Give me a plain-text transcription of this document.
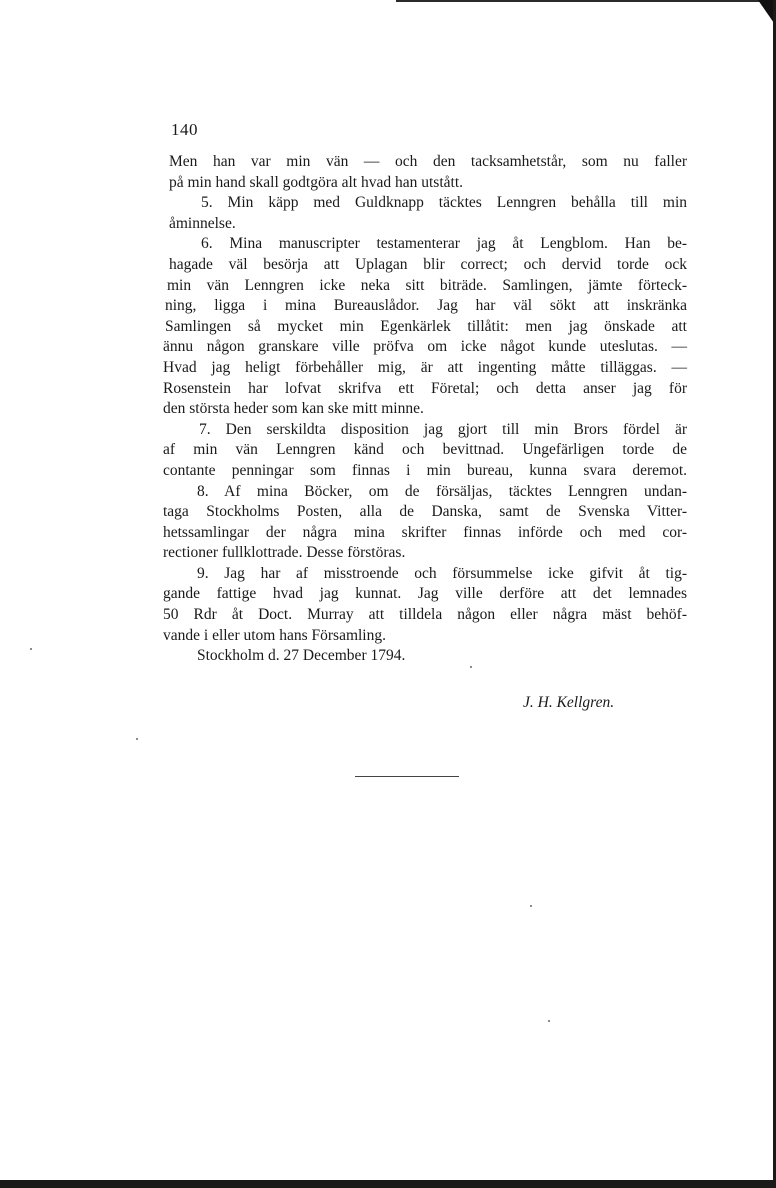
140
Men han var min vän — och den tacksamhetstår, som nu faller
på min hand skall godtgöra alt hvad han utstått.
5. Min käpp med Guldknapp täcktes Lenngren behålla till min
åminnelse.
6. Mina manuscripter testamenterar jag åt Lengblom. Han be-
hagade väl besörja att Uplagan blir correct; och dervid torde ock
min vän Lenngren icke neka sitt biträde. Samlingen, jämte förteck-
ning, ligga i mina Bureauslådor. Jag har väl sökt att inskränka
Samlingen så mycket min Egenkärlek tillåtit: men jag önskade att
ännu någon granskare ville pröfva om icke något kunde uteslutas. —
Hvad jag heligt förbehåller mig, är att ingenting måtte tilläggas. —
Rosenstein har lofvat skrifva ett Företal; och detta anser jag för
den största heder som kan ske mitt minne.
7. Den serskildta disposition jag gjort till min Brors fördel är
af min vän Lenngren känd och bevittnad. Ungefärligen torde de
contante penningar som finnas i min bureau, kunna svara deremot.
8. Af mina Böcker, om de försäljas, täcktes Lenngren undan-
taga Stockholms Posten, alla de Danska, samt de Svenska Vitter-
hetssamlingar der några mina skrifter finnas införde och med cor-
rectioner fullklottrade. Desse förstöras.
9. Jag har af misstroende och försummelse icke gifvit åt tig-
gande fattige hvad jag kunnat. Jag ville derföre att det lemnades
50 Rdr åt Doct. Murray att tilldela någon eller några mäst behöf-
vande i eller utom hans Församling.
Stockholm d. 27 December 1794.
J. H. Kellgren.
